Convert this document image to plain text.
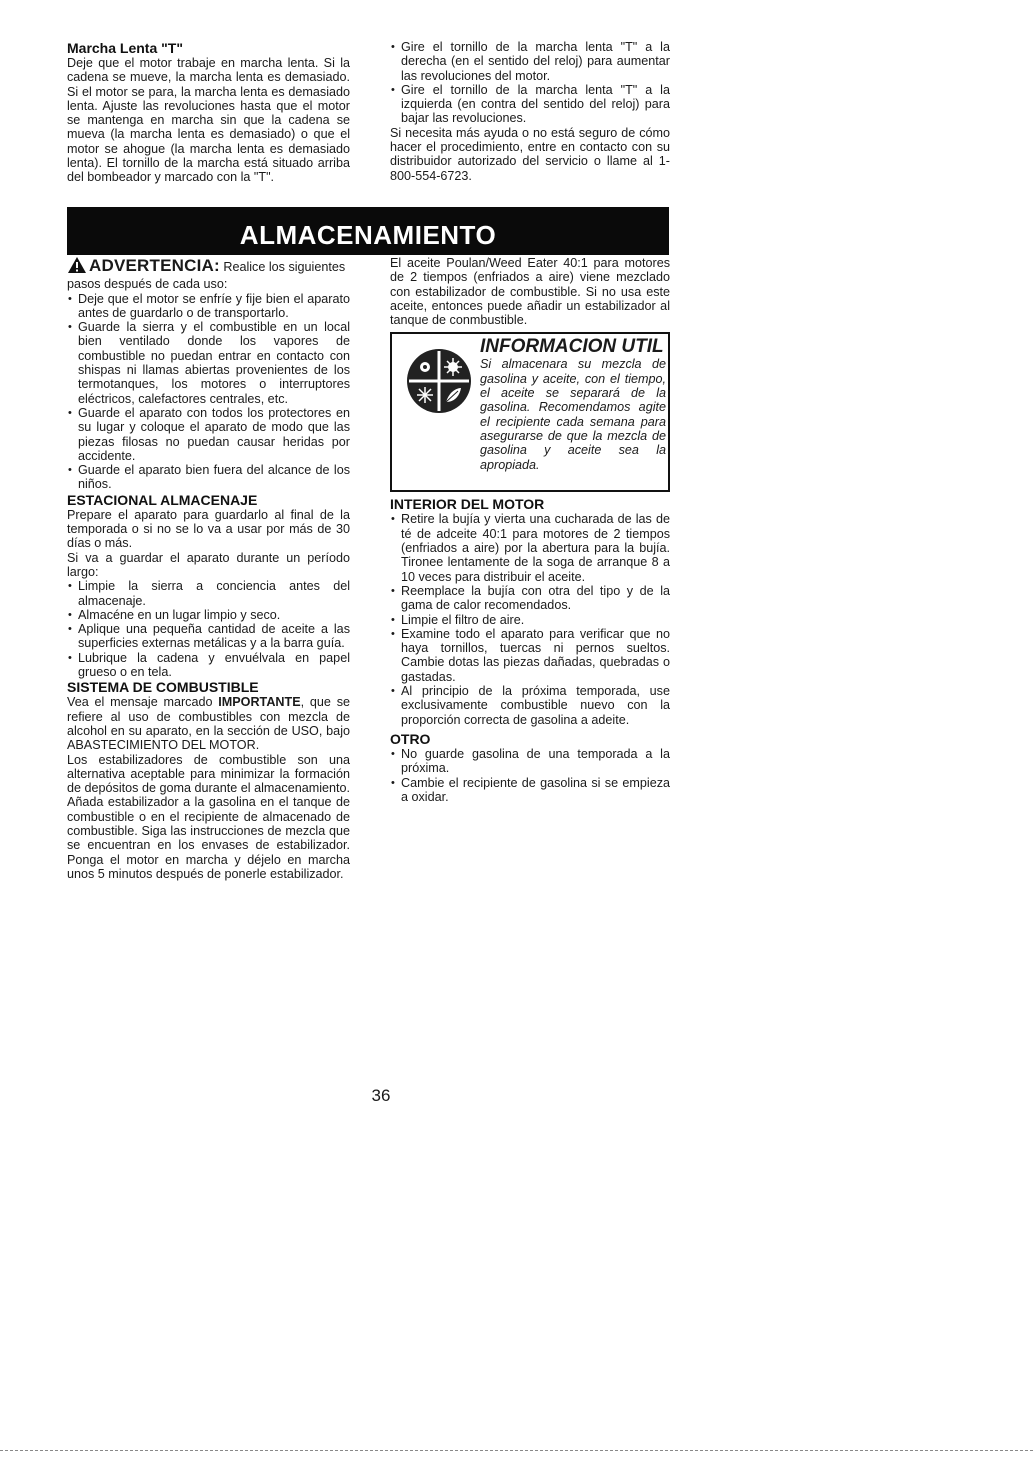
Marcha Lenta "T"

Deje que el motor trabaje en marcha lenta. Si la cadena se mueve, la marcha lenta es demasiado. Si el motor se para, la marcha lenta es demasiado lenta. Ajuste las revoluciones hasta que el motor se mantenga en marcha sin que la cadena se mueva (la marcha lenta es demasiado) o que el motor se ahogue (la marcha lenta es demasiado lenta). El tornillo de la marcha está situado arriba del bombeador y marcado con la "T".

• Gire el tornillo de la marcha lenta "T" a la derecha (en el sentido del reloj) para aumentar las revoluciones del motor.
• Gire el tornillo de la marcha lenta "T" a la izquierda (en contra del sentido del reloj) para bajar las revoluciones.

Si necesita más ayuda o no está seguro de cómo hacer el procedimiento, entre en contacto con su distribuidor autorizado del servicio o llame al 1-800-554-6723.

ALMACENAMIENTO
ADVERTENCIA: Realice los siguientes pasos después de cada uso:
• Deje que el motor se enfríe y fije bien el aparato antes de guardarlo o de transportarlo.
• Guarde la sierra y el combustible en un local bien ventilado donde los vapores de combustible no puedan entrar en contacto con shispas ni llamas abiertas provenientes de los termotanques, los motores o interruptores eléctricos, calefactores centrales, etc.
• Guarde el aparato con todos los protectores en su lugar y coloque el aparato de modo que las piezas filosas no puedan causar heridas por accidente.
• Guarde el aparato bien fuera del alcance de los niños.
ESTACIONAL ALMACENAJE

Prepare el aparato para guardarlo al final de la temporada o si no se lo va a usar por más de 30 días o más.

Si va a guardar el aparato durante un período largo:

• Limpie la sierra a conciencia antes del almacenaje.
• Almacéne en un lugar limpio y seco.
• Aplique una pequeña cantidad de aceite a las superficies externas metálicas y a la barra guía.
• Lubrique la cadena y envuélvala en papel grueso o en tela.
SISTEMA DE COMBUSTIBLE

Vea el mensaje marcado IMPORTANTE, que se refiere al uso de combustibles con mezcla de alcohol en su aparato, en la sección de USO, bajo ABASTECIMIENTO DEL MOTOR.

Los estabilizadores de combustible son una alternativa aceptable para minimizar la formación de depósitos de goma durante el almacenamiento. Añada estabilizador a la gasolina en el tanque de combustible o en el recipiente de almacenado de combustible. Siga las instrucciones de mezcla que se encuentran en los envases de estabilizador. Ponga el motor en marcha y déjelo en marcha unos 5 minutos después de ponerle estabilizador.

El aceite Poulan/Weed Eater 40:1 para motores de 2 tiempos (enfriados a aire) viene mezclado con estabilizador de combustible. Si no usa este aceite, entonces puede añadir un estabilizador al tanque de conmbustible.

INFORMACION UTIL
Si almacenara su mezcla de gasolina y aceite, con el tiempo, el aceite se separará de la gasolina. Recomendamos agite el recipiente cada semana para asegurarse de que la mezcla de gasolina y aceite sea la apropiada.
INTERIOR DEL MOTOR
• Retire la bujía y vierta una cucharada de las de té de adceite 40:1 para motores de 2 tiempos (enfriados a aire) por la abertura para la bujía. Tironee lentamente de la soga de arranque 8 a 10 veces para distribuir el aceite.
• Reemplace la bujía con otra del tipo y de la gama de calor recomendados.
• Limpie el filtro de aire.
• Examine todo el aparato para verificar que no haya tornillos, tuercas ni pernos sueltos. Cambie dotas las piezas dañadas, quebradas o gastadas.
• Al principio de la próxima temporada, use exclusivamente combustible nuevo con la proporción correcta de gasolina a adeite.
OTRO
• No guarde gasolina de una temporada a la próxima.
• Cambie el recipiente de gasolina si se empieza a oxidar.
36
